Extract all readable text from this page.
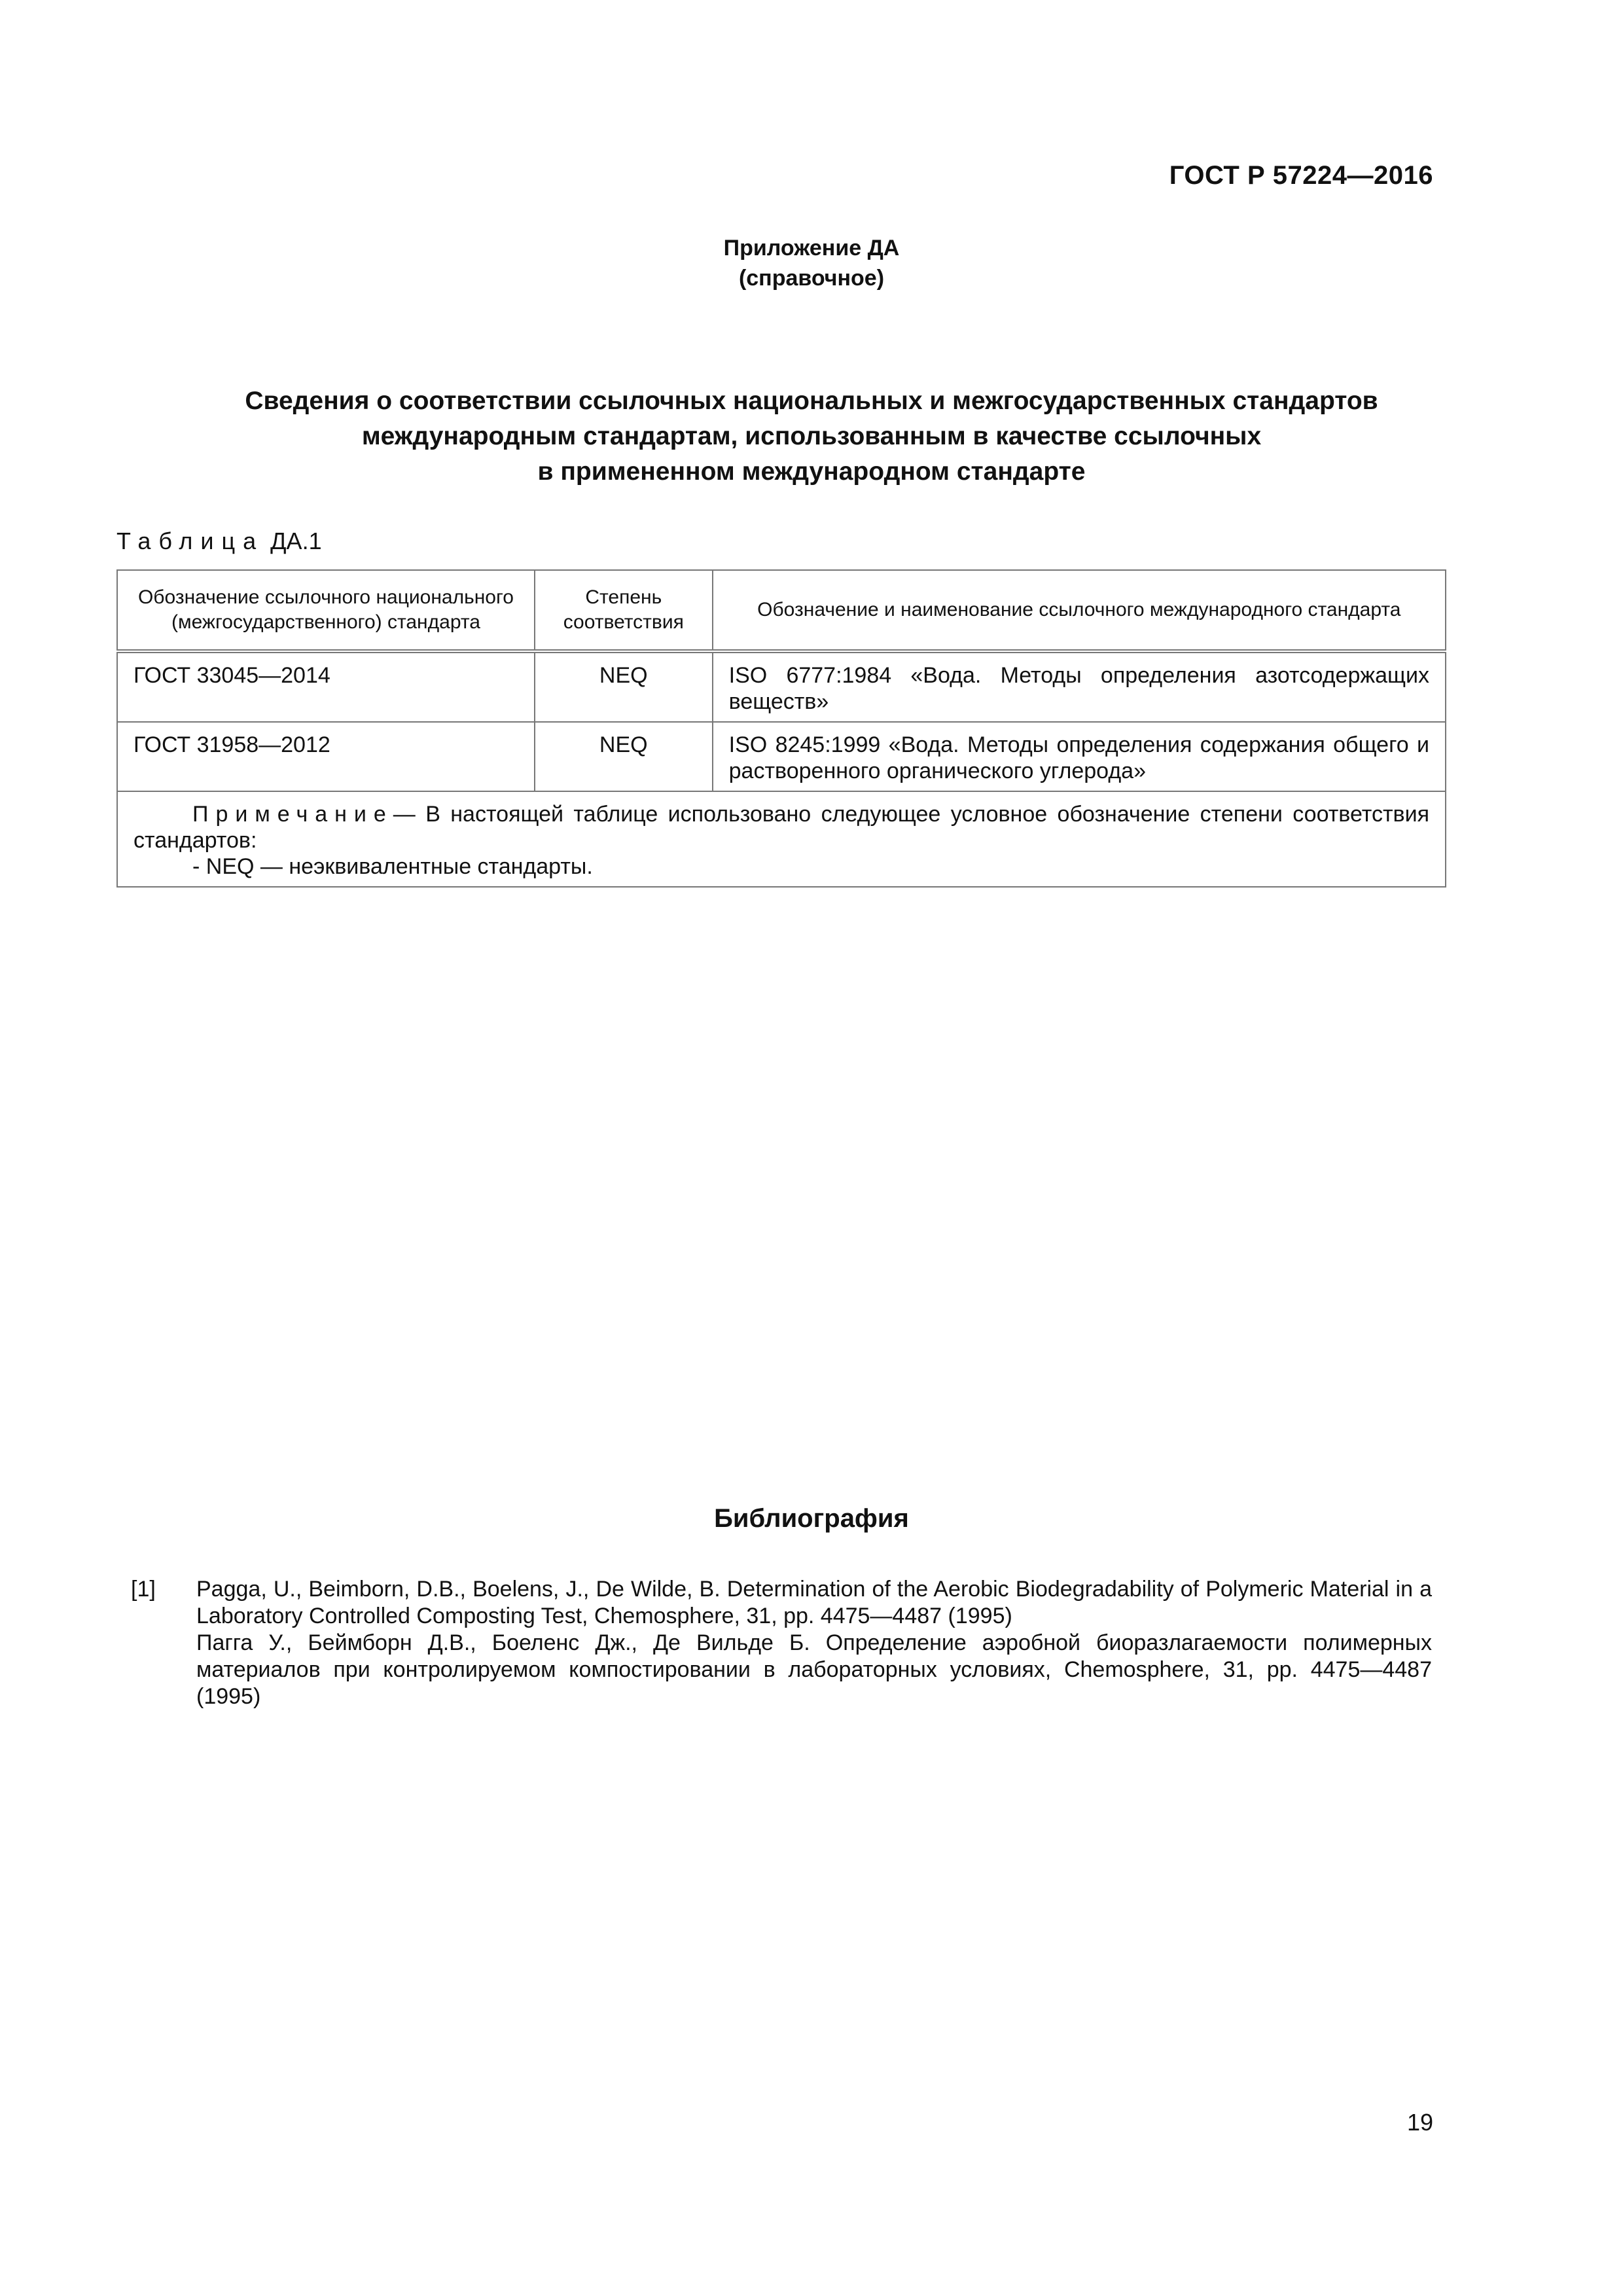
ГОСТ Р 57224—2016
Приложение ДА
(справочное)
Сведения о соответствии ссылочных национальных и межгосударственных стандартов
международным стандартам, использованным в качестве ссылочных
в примененном международном стандарте
Таблица ДА.1
Обозначение ссылочного национального (межгосударственного) стандарта	Степень соответствия	Обозначение и наименование ссылочного международного стандарта
ГОСТ 33045—2014	NEQ	ISO 6777:1984 «Вода. Методы определения азотсодержащих веществ»
ГОСТ 31958—2012	NEQ	ISO 8245:1999 «Вода. Методы определения содержания общего и растворенного органического углерода»

Примечание— В настоящей таблице использовано следующее условное обозначение степени соответствия стандартов:
- NEQ — неэквивалентные стандарты.		
Библиография
[1]	Pagga, U., Beimborn, D.B., Boelens, J., De Wilde, B. Determination of the Aerobic Biodegradability of Polymeric Material in a Laboratory Controlled Composting Test, Chemosphere, 31, pp. 4475—4487 (1995)
Пагга У., Беймборн Д.В., Боеленс Дж., Де Вильде Б. Определение аэробной биоразлагаемости полимерных материалов при контролируемом компостировании в лабораторных условиях, Chemosphere, 31, pp. 4475—4487 (1995)
19
